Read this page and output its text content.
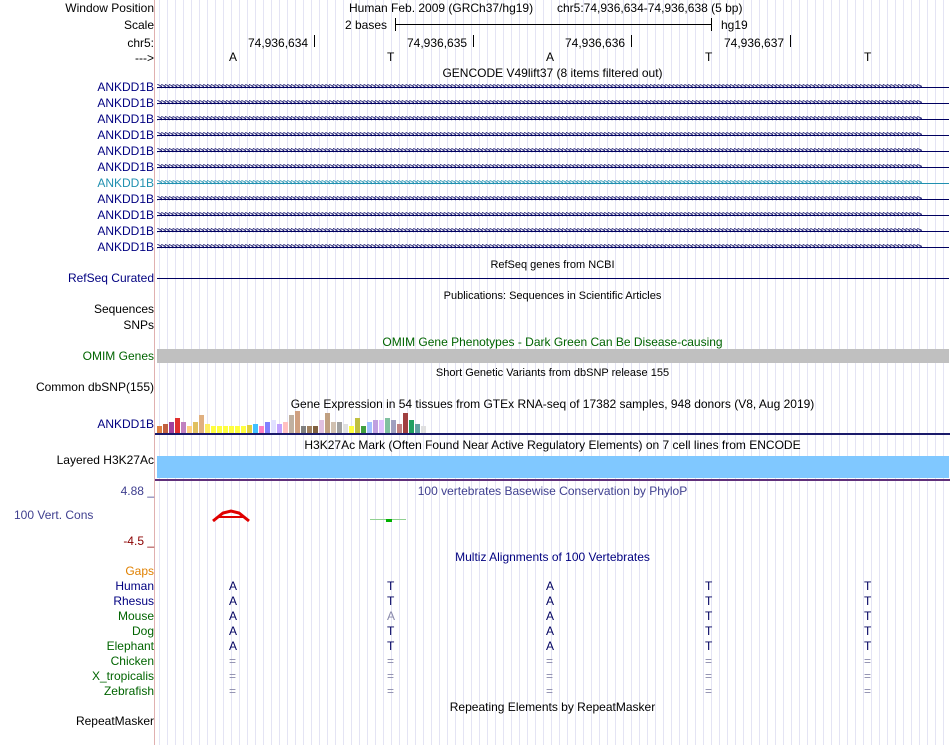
Window Position
Scale
chr5:
--->
Human Feb. 2009 (GRCh37/hg19) chr5:74,936,634-74,936,638 (5 bp)
2 bases	hg19
74,936,634	74,936,635	74,936,636	74,936,637
A	T	A	T	T
GENCODE V49lift37 (8 items filtered out)
ANKDD1B >>>>>>>>>>>>>>>>>>>>>>>>>>>>>>>>>>>>>>>>>>>>>>>>>>>>>>>>>>>>>>>>>>>>>>>>>>>>>>>>>>>>>>>>>>>>>>>>>>>>>>>>>>>>>>>>>>>>>>>>>>>>>>>>>>>>>>>>>>>>>>>>>>>>>>>>>>>>>>>>>>>>>>>>>>>>>>>>>>>>>>>>>>>>>>>>>>>>>>>>
ANKDD1B >>>>>>>>>>>>>>>>>>>>>>>>>>>>>>>>>>>>>>>>>>>>>>>>>>>>>>>>>>>>>>>>>>>>>>>>>>>>>>>>>>>>>>>>>>>>>>>>>>>>>>>>>>>>>>>>>>>>>>>>>>>>>>>>>>>>>>>>>>>>>>>>>>>>>>>>>>>>>>>>>>>>>>>>>>>>>>>>>>>>>>>>>>>>>>>>>>>>>>>>
ANKDD1B >>>>>>>>>>>>>>>>>>>>>>>>>>>>>>>>>>>>>>>>>>>>>>>>>>>>>>>>>>>>>>>>>>>>>>>>>>>>>>>>>>>>>>>>>>>>>>>>>>>>>>>>>>>>>>>>>>>>>>>>>>>>>>>>>>>>>>>>>>>>>>>>>>>>>>>>>>>>>>>>>>>>>>>>>>>>>>>>>>>>>>>>>>>>>>>>>>>>>>>>
ANKDD1B >>>>>>>>>>>>>>>>>>>>>>>>>>>>>>>>>>>>>>>>>>>>>>>>>>>>>>>>>>>>>>>>>>>>>>>>>>>>>>>>>>>>>>>>>>>>>>>>>>>>>>>>>>>>>>>>>>>>>>>>>>>>>>>>>>>>>>>>>>>>>>>>>>>>>>>>>>>>>>>>>>>>>>>>>>>>>>>>>>>>>>>>>>>>>>>>>>>>>>>>
ANKDD1B >>>>>>>>>>>>>>>>>>>>>>>>>>>>>>>>>>>>>>>>>>>>>>>>>>>>>>>>>>>>>>>>>>>>>>>>>>>>>>>>>>>>>>>>>>>>>>>>>>>>>>>>>>>>>>>>>>>>>>>>>>>>>>>>>>>>>>>>>>>>>>>>>>>>>>>>>>>>>>>>>>>>>>>>>>>>>>>>>>>>>>>>>>>>>>>>>>>>>>>>
ANKDD1B >>>>>>>>>>>>>>>>>>>>>>>>>>>>>>>>>>>>>>>>>>>>>>>>>>>>>>>>>>>>>>>>>>>>>>>>>>>>>>>>>>>>>>>>>>>>>>>>>>>>>>>>>>>>>>>>>>>>>>>>>>>>>>>>>>>>>>>>>>>>>>>>>>>>>>>>>>>>>>>>>>>>>>>>>>>>>>>>>>>>>>>>>>>>>>>>>>>>>>>>
ANKDD1B >>>>>>>>>>>>>>>>>>>>>>>>>>>>>>>>>>>>>>>>>>>>>>>>>>>>>>>>>>>>>>>>>>>>>>>>>>>>>>>>>>>>>>>>>>>>>>>>>>>>>>>>>>>>>>>>>>>>>>>>>>>>>>>>>>>>>>>>>>>>>>>>>>>>>>>>>>>>>>>>>>>>>>>>>>>>>>>>>>>>>>>>>>>>>>>>>>>>>>>>
ANKDD1B >>>>>>>>>>>>>>>>>>>>>>>>>>>>>>>>>>>>>>>>>>>>>>>>>>>>>>>>>>>>>>>>>>>>>>>>>>>>>>>>>>>>>>>>>>>>>>>>>>>>>>>>>>>>>>>>>>>>>>>>>>>>>>>>>>>>>>>>>>>>>>>>>>>>>>>>>>>>>>>>>>>>>>>>>>>>>>>>>>>>>>>>>>>>>>>>>>>>>>>>
ANKDD1B >>>>>>>>>>>>>>>>>>>>>>>>>>>>>>>>>>>>>>>>>>>>>>>>>>>>>>>>>>>>>>>>>>>>>>>>>>>>>>>>>>>>>>>>>>>>>>>>>>>>>>>>>>>>>>>>>>>>>>>>>>>>>>>>>>>>>>>>>>>>>>>>>>>>>>>>>>>>>>>>>>>>>>>>>>>>>>>>>>>>>>>>>>>>>>>>>>>>>>>>
ANKDD1B >>>>>>>>>>>>>>>>>>>>>>>>>>>>>>>>>>>>>>>>>>>>>>>>>>>>>>>>>>>>>>>>>>>>>>>>>>>>>>>>>>>>>>>>>>>>>>>>>>>>>>>>>>>>>>>>>>>>>>>>>>>>>>>>>>>>>>>>>>>>>>>>>>>>>>>>>>>>>>>>>>>>>>>>>>>>>>>>>>>>>>>>>>>>>>>>>>>>>>>>
ANKDD1B >>>>>>>>>>>>>>>>>>>>>>>>>>>>>>>>>>>>>>>>>>>>>>>>>>>>>>>>>>>>>>>>>>>>>>>>>>>>>>>>>>>>>>>>>>>>>>>>>>>>>>>>>>>>>>>>>>>>>>>>>>>>>>>>>>>>>>>>>>>>>>>>>>>>>>>>>>>>>>>>>>>>>>>>>>>>>>>>>>>>>>>>>>>>>>>>>>>>>>>>
RefSeq genes from NCBI
RefSeq Curated
Publications: Sequences in Scientific Articles
Sequences
SNPs
OMIM Gene Phenotypes - Dark Green Can Be Disease-causing
OMIM Genes
Short Genetic Variants from dbSNP release 155
Common dbSNP(155)
Gene Expression in 54 tissues from GTEx RNA-seq of 17382 samples, 948 donors (V8, Aug 2019)
ANKDD1B
H3K27Ac Mark (Often Found Near Active Regulatory Elements) on 7 cell lines from ENCODE
Layered H3K27Ac
4.88 _	100 vertebrates Basewise Conservation by PhyloP
100 Vert. Cons
-4.5 _
Multiz Alignments of 100 Vertebrates
Gaps
Human	A	T	A	T	T
Rhesus	A	T	A	T	T
Mouse	A	A	A	T	T
Dog	A	T	A	T	T
Elephant	A	T	A	T	T
Chicken	=	=	=	=	=
X_tropicalis	=	=	=	=	=
Zebrafish	=	=	=	=	=
Repeating Elements by RepeatMasker
RepeatMasker
